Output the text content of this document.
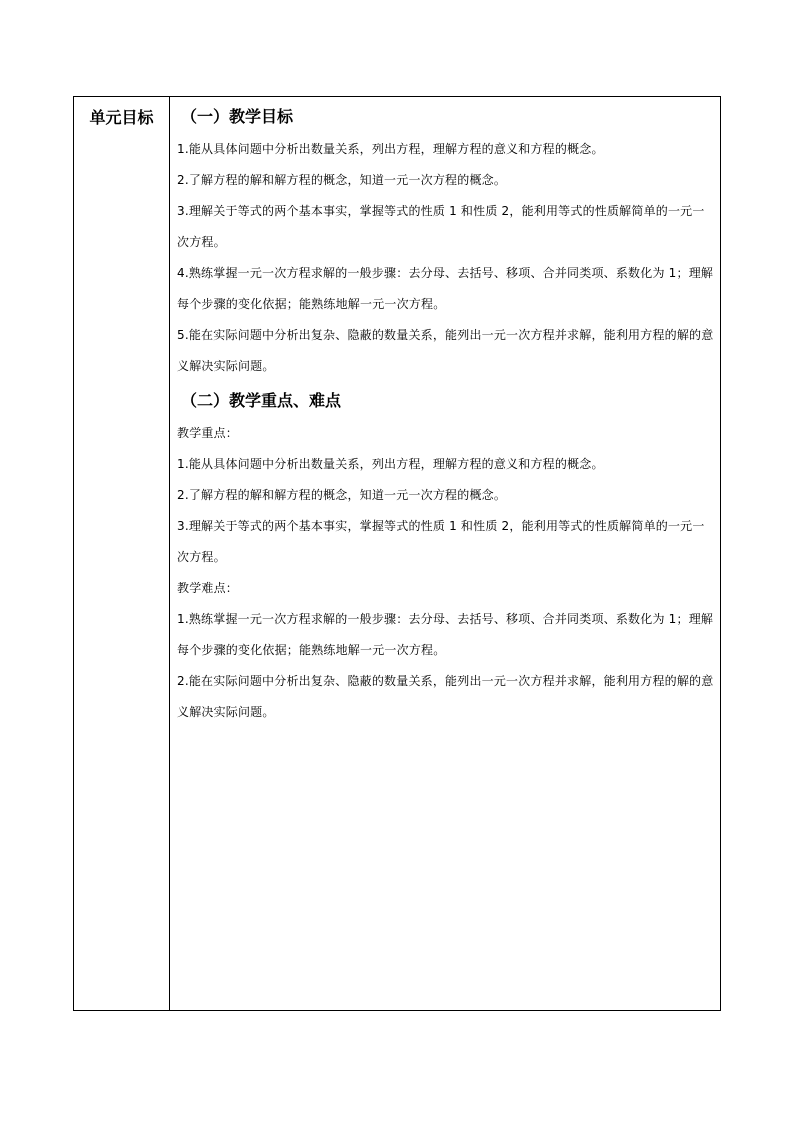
单元目标	（一）教学目标

1.能从具体问题中分析出数量关系，列出方程，理解方程的意义和方程的概念。

2.了解方程的解和解方程的概念，知道一元一次方程的概念。

3.理解关于等式的两个基本事实，掌握等式的性质 1 和性质 2，能利用等式的性质解简单的一元一次方程。

4.熟练掌握一元一次方程求解的一般步骤：去分母、去括号、移项、合并同类项、系数化为 1；理解每个步骤的变化依据；能熟练地解一元一次方程。

5.能在实际问题中分析出复杂、隐蔽的数量关系，能列出一元一次方程并求解，能利用方程的解的意义解决实际问题。

（二）教学重点、难点

教学重点：

1.能从具体问题中分析出数量关系，列出方程，理解方程的意义和方程的概念。

2.了解方程的解和解方程的概念，知道一元一次方程的概念。

3.理解关于等式的两个基本事实，掌握等式的性质 1 和性质 2，能利用等式的性质解简单的一元一次方程。

教学难点：

1.熟练掌握一元一次方程求解的一般步骤：去分母、去括号、移项、合并同类项、系数化为 1；理解每个步骤的变化依据；能熟练地解一元一次方程。

2.能在实际问题中分析出复杂、隐蔽的数量关系，能列出一元一次方程并求解，能利用方程的解的意义解决实际问题。
